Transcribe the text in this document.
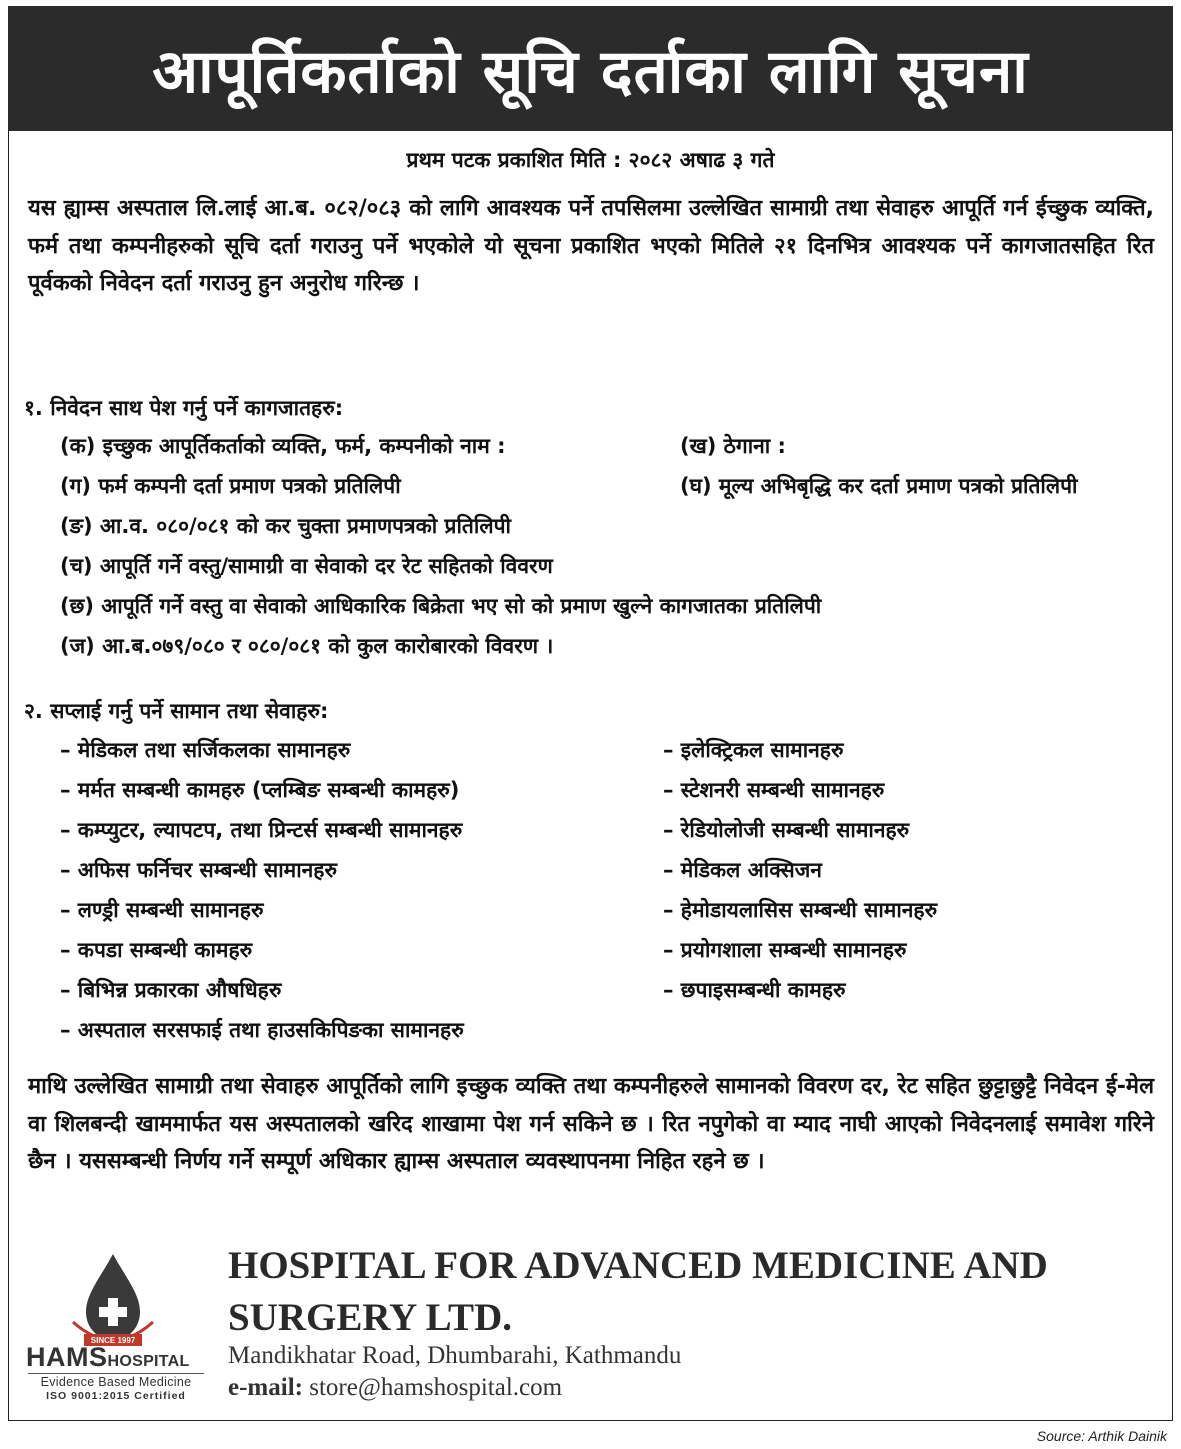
आपूर्तिकर्ताको सूचि दर्ताका लागि सूचना
प्रथम पटक प्रकाशित मिति : २०८२ अषाढ ३ गते

यस ह्याम्स अस्पताल लि.लाई आ.ब. ०८२/०८३ को लागि आवश्यक पर्ने तपसिलमा उल्लेखित सामाग्री तथा सेवाहरु आपूर्ति गर्न ईच्छुक व्यक्ति, फर्म तथा कम्पनीहरुको सूचि दर्ता गराउनु पर्ने भएकोले यो सूचना प्रकाशित भएको मितिले २१ दिनभित्र आवश्यक पर्ने कागजातसहित रित पूर्वकको निवेदन दर्ता गराउनु हुन अनुरोध गरिन्छ ।

१. निवेदन साथ पेश गर्नु पर्ने कागजातहरु:
(क) इच्छुक आपूर्तिकर्ताको व्यक्ति, फर्म, कम्पनीको नाम :	(ख) ठेगाना :
(ग) फर्म कम्पनी दर्ता प्रमाण पत्रको प्रतिलिपी	(घ) मूल्य अभिबृद्धि कर दर्ता प्रमाण पत्रको प्रतिलिपी
(ङ) आ.व. ०८०/०८१ को कर चुक्ता प्रमाणपत्रको प्रतिलिपी
(च) आपूर्ति गर्ने वस्तु/सामाग्री वा सेवाको दर रेट सहितको विवरण
(छ) आपूर्ति गर्ने वस्तु वा सेवाको आधिकारिक बिक्रेता भए सो को प्रमाण खुल्ने कागजातका प्रतिलिपी
(ज) आ.ब.०७९/०८० र ०८०/०८१ को कुल कारोबारको विवरण ।
२. सप्लाई गर्नु पर्ने सामान तथा सेवाहरु:
– मेडिकल तथा सर्जिकलका सामानहरु
– मर्मत सम्बन्धी कामहरु (प्लम्बिङ सम्बन्धी कामहरु)
– कम्प्युटर, ल्यापटप, तथा प्रिन्टर्स सम्बन्धी सामानहरु
– अफिस फर्निचर सम्बन्धी सामानहरु
– लण्ड्री सम्बन्धी सामानहरु
– कपडा सम्बन्धी कामहरु
– बिभिन्न प्रकारका औषधिहरु
– अस्पताल सरसफाई तथा हाउसकिपिङका सामानहरु
– इलेक्ट्रिकल सामानहरु
– स्टेशनरी सम्बन्धी सामानहरु
– रेडियोलोजी सम्बन्धी सामानहरु
– मेडिकल अक्सिजन
– हेमोडायलासिस सम्बन्धी सामानहरु
– प्रयोगशाला सम्बन्धी सामानहरु
– छपाइसम्बन्धी कामहरु

माथि उल्लेखित सामाग्री तथा सेवाहरु आपूर्तिको लागि इच्छुक व्यक्ति तथा कम्पनीहरुले सामानको विवरण दर, रेट सहित छुट्टाछुट्टै निवेदन ई-मेल वा शिलबन्दी खाममार्फत यस अस्पतालको खरिद शाखामा पेश गर्न सकिने छ । रित नपुगेको वा म्याद नाघी आएको निवेदनलाई समावेश गरिने छैन । यससम्बन्धी निर्णय गर्ने सम्पूर्ण अधिकार ह्याम्स अस्पताल व्यवस्थापनमा निहित रहने छ ।

SINCE 1997
HAMSHOSPITAL
Evidence Based Medicine
ISO 9001:2015 Certified
HOSPITAL FOR ADVANCED MEDICINE AND SURGERY LTD.
Mandikhatar Road, Dhumbarahi, Kathmandu
e-mail: store@hamshospital.com
Source: Arthik Dainik
